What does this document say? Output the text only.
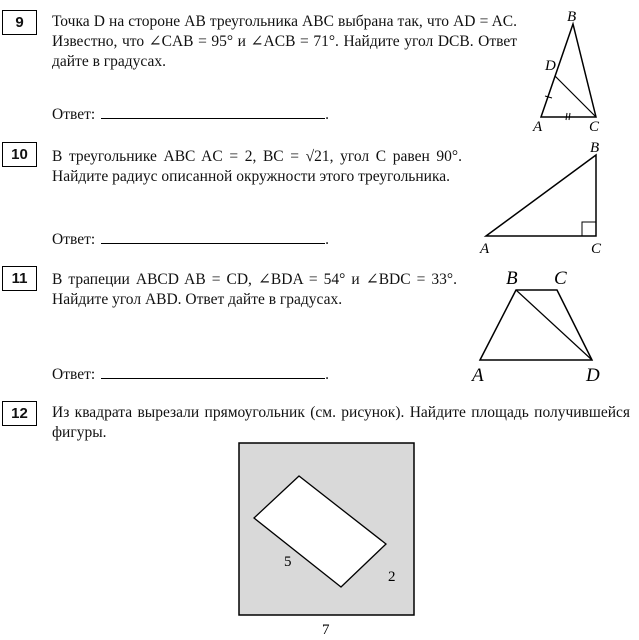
9	Точка D на стороне AB треугольника ABC выбрана так, что AD = AC. Известно, что ∠CAB = 95° и ∠ACB = 71°. Найдите угол DCB. Ответ дайте в градусах.
Ответ:	.
B
D
A	C
10	В треугольнике ABC AC = 2, BC = √21, угол C равен 90°. Найдите радиус описанной окружности этого треугольника.
Ответ:	.
B
A	C
11	В трапеции ABCD AB = CD, ∠BDA = 54° и ∠BDC = 33°. Найдите угол ABD. Ответ дайте в градусах.
Ответ:	.
B C
A	D
12	Из квадрата вырезали прямоугольник (см. рисунок). Найдите площадь получившейся фигуры.
5
2
7
